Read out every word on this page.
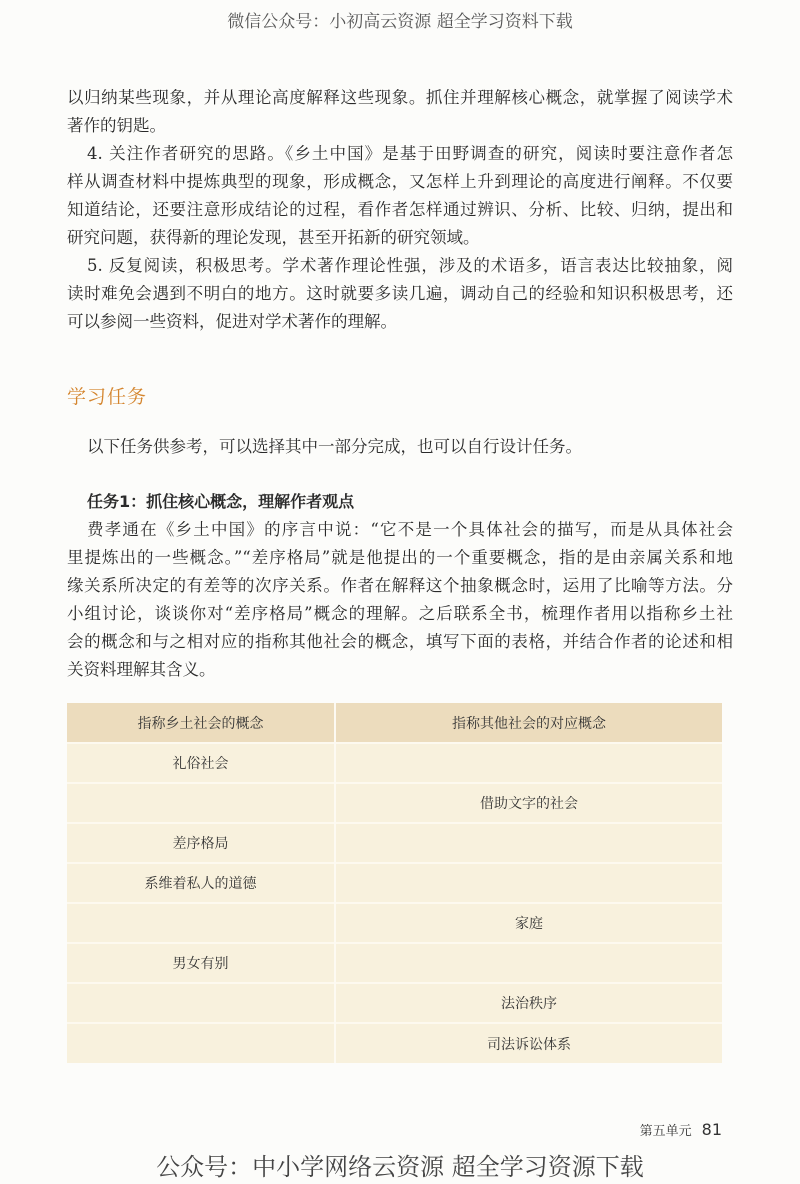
微信公众号：小初高云资源 超全学习资料下载
以归纳某些现象，并从理论高度解释这些现象。抓住并理解核心概念，就掌握了阅读学术
著作的钥匙。
4. 关注作者研究的思路。《乡土中国》是基于田野调查的研究，阅读时要注意作者怎
样从调查材料中提炼典型的现象，形成概念，又怎样上升到理论的高度进行阐释。不仅要
知道结论，还要注意形成结论的过程，看作者怎样通过辨识、分析、比较、归纳，提出和
研究问题，获得新的理论发现，甚至开拓新的研究领域。
5. 反复阅读，积极思考。学术著作理论性强，涉及的术语多，语言表达比较抽象，阅
读时难免会遇到不明白的地方。这时就要多读几遍，调动自己的经验和知识积极思考，还
可以参阅一些资料，促进对学术著作的理解。
学习任务
以下任务供参考，可以选择其中一部分完成，也可以自行设计任务。
任务1：抓住核心概念，理解作者观点
费孝通在《乡土中国》的序言中说：“它不是一个具体社会的描写，而是从具体社会
里提炼出的一些概念。”“差序格局”就是他提出的一个重要概念，指的是由亲属关系和地
缘关系所决定的有差等的次序关系。作者在解释这个抽象概念时，运用了比喻等方法。分
小组讨论，谈谈你对“差序格局”概念的理解。之后联系全书，梳理作者用以指称乡土社
会的概念和与之相对应的指称其他社会的概念，填写下面的表格，并结合作者的论述和相
关资料理解其含义。
指称乡土社会的概念	指称其他社会的对应概念
礼俗社会	
	借助文字的社会
差序格局	
系维着私人的道德	
	家庭
男女有别	
	法治秩序
	司法诉讼体系
第五单元 81
公众号：中小学网络云资源 超全学习资源下载
